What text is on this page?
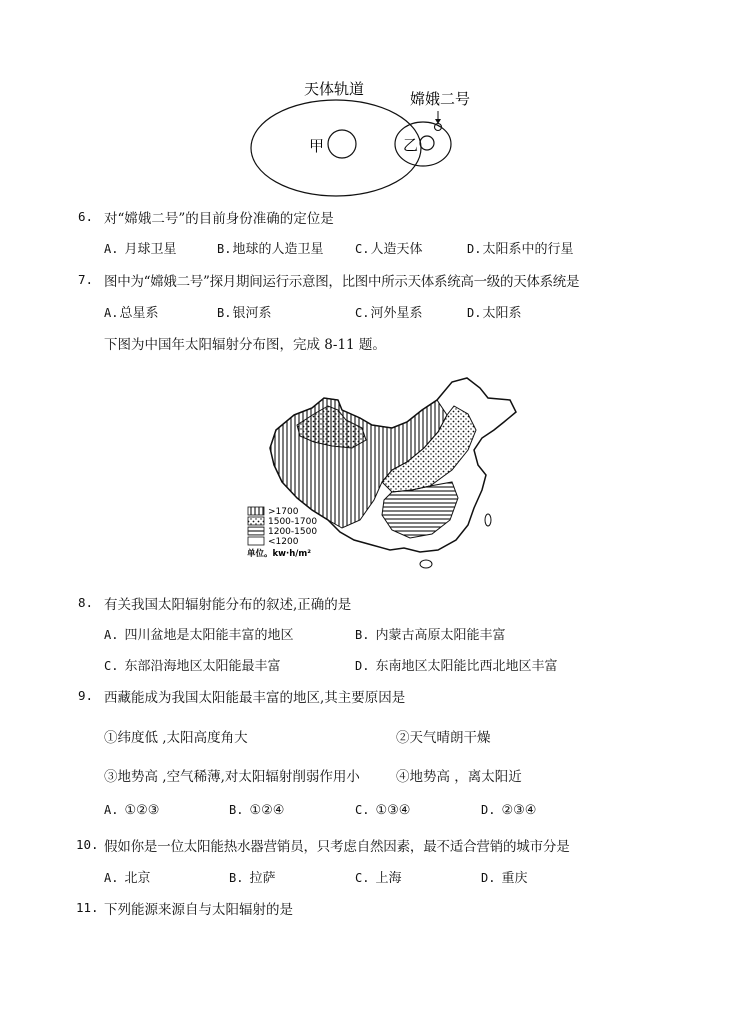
天体轨道
嫦娥二号
甲	乙
6. 对“嫦娥二号”的目前身份准确的定位是
A. 月球卫星	B.地球的人造卫星	C.人造天体	D.太阳系中的行星
7. 图中为“嫦娥二号”探月期间运行示意图，比图中所示天体系统高一级的天体系统是
A.总星系	B.银河系	C.河外星系	D.太阳系
下图为中国年太阳辐射分布图，完成 8-11 题。
>1700
1500-1700
1200-1500
<1200
单位。kw·h/m²
8. 有关我国太阳辐射能分布的叙述,正确的是
A. 四川盆地是太阳能丰富的地区	B. 内蒙古高原太阳能丰富
C. 东部沿海地区太阳能最丰富	D. 东南地区太阳能比西北地区丰富
9. 西藏能成为我国太阳能最丰富的地区,其主要原因是
①纬度低 ,太阳高度角大	②天气晴朗干燥
③地势高 ,空气稀薄,对太阳辐射削弱作用小	④地势高 ，离太阳近
A. ①②③	B. ①②④	C. ①③④	D. ②③④
10. 假如你是一位太阳能热水器营销员，只考虑自然因素，最不适合营销的城市分是
A. 北京	B. 拉萨	C. 上海	D. 重庆
11. 下列能源来源自与太阳辐射的是
